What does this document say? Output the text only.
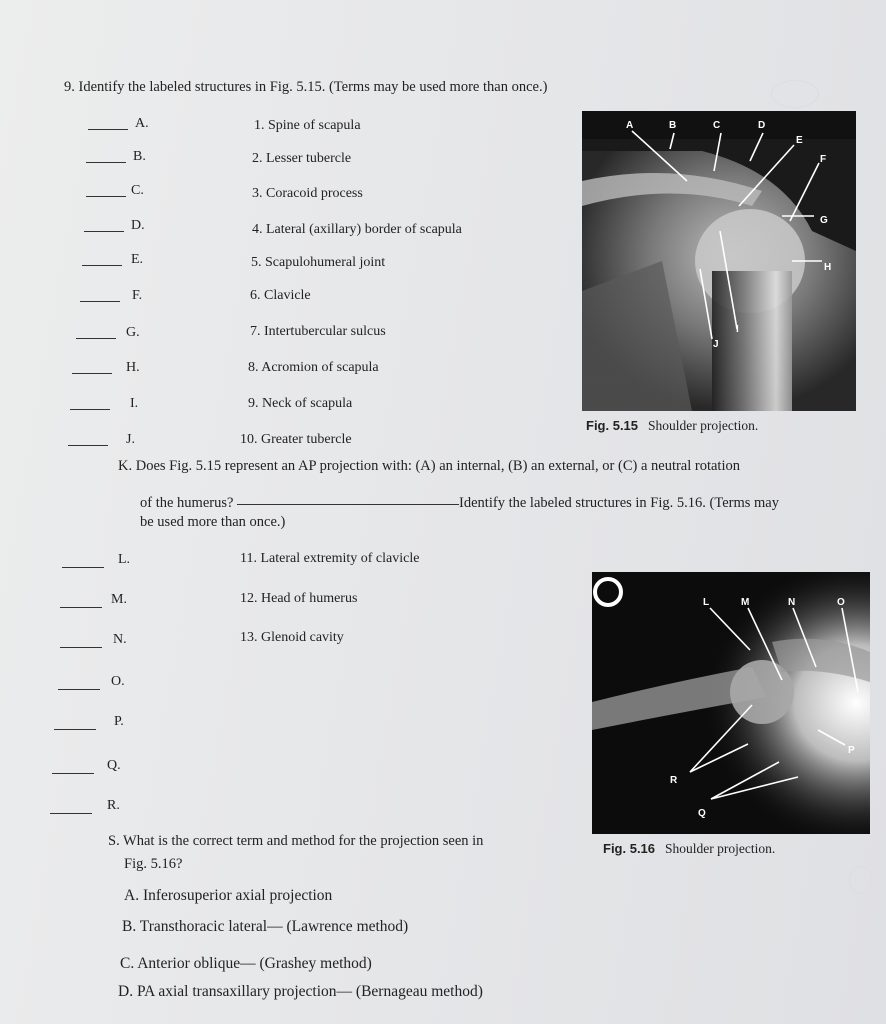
9. Identify the labeled structures in Fig. 5.15. (Terms may be used more than once.)
A.	1. Spine of scapula
B.	2. Lesser tubercle
C.	3. Coracoid process
D.	4. Lateral (axillary) border of scapula
E.	5. Scapulohumeral joint
F.	6. Clavicle
G.	7. Intertubercular sulcus
H.	8. Acromion of scapula
I.	9. Neck of scapula
J.	10. Greater tubercle
A	B	C	D
E
F
G
H
I
J
Fig. 5.15 Shoulder projection.
K. Does Fig. 5.15 represent an AP projection with: (A) an internal, (B) an external, or (C) a neutral rotation
of the humerus?	Identify the labeled structures in Fig. 5.16. (Terms may
be used more than once.)
L.
M.
N.
O.
P.
Q.
R.
11. Lateral extremity of clavicle
12. Head of humerus
13. Glenoid cavity
L	M	N	O
P
Q
R
Fig. 5.16 Shoulder projection.
S. What is the correct term and method for the projection seen in
Fig. 5.16?
A. Inferosuperior axial projection
B. Transthoracic lateral— (Lawrence method)
C. Anterior oblique— (Grashey method)
D. PA axial transaxillary projection— (Bernageau method)
